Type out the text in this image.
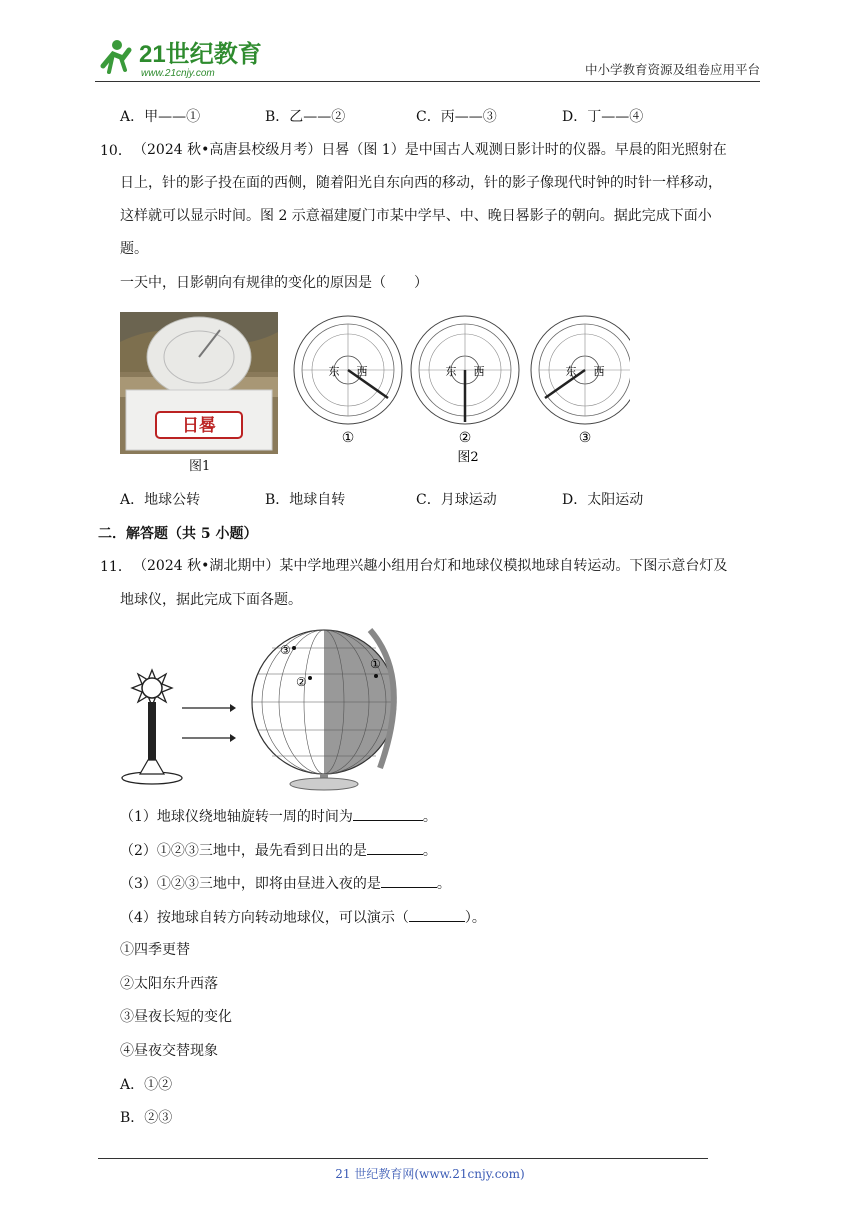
21世纪教育
www.21cnjy.com	中小学教育资源及组卷应用平台
A．甲——①	B．乙——②	C．丙——③	D．丁——④
10． （2024 秋•高唐县校级月考）日晷（图 1）是中国古人观测日影计时的仪器。早晨的阳光照射在
日上，针的影子投在面的西侧，随着阳光自东向西的移动，针的影子像现代时钟的时针一样移动，
这样就可以显示时间。图 2 示意福建厦门市某中学早、中、晚日晷影子的朝向。据此完成下面小
题。
一天中，日影朝向有规律的变化的原因是（　　）
日晷
图1
东 西	东 西	东 西
①	②	③
图2
A．地球公转	B．地球自转	C．月球运动	D．太阳运动
二．解答题（共 5 小题）
11． （2024 秋•湖北期中）某中学地理兴趣小组用台灯和地球仪模拟地球自转运动。下图示意台灯及
地球仪，据此完成下面各题。
①
②
③
（1）地球仪绕地轴旋转一周的时间为	。
（2）①②③三地中，最先看到日出的是	。
（3）①②③三地中，即将由昼进入夜的是	。
（4）按地球自转方向转动地球仪，可以演示（	）。
①四季更替
②太阳东升西落
③昼夜长短的变化
④昼夜交替现象
A．①②
B．②③
21 世纪教育网(www.21cnjy.com)
